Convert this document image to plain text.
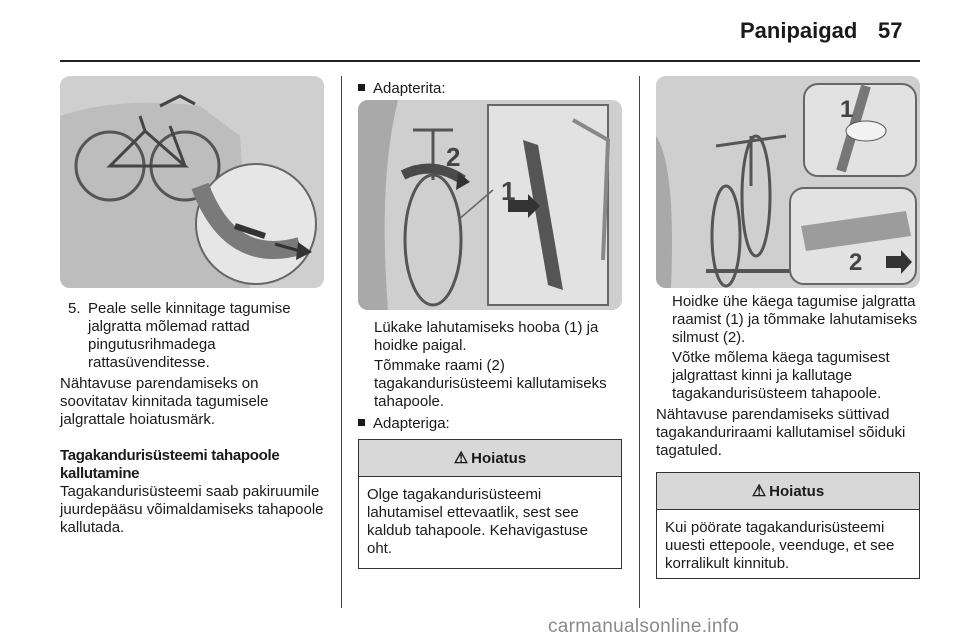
Panipaigad 57
5. Peale selle kinnitage tagumise jalgratta mõlemad rattad pingutusrihmadega rattasüvenditesse.
Nähtavuse parendamiseks on soovitatav kinnitada tagumisele jalgrattale hoiatusmärk.
Tagakandurisüsteemi tahapoole kallutamine
Tagakandurisüsteemi saab pakiruumile juurdepääsu võimaldamiseks tahapoole kallutada.
Adapterita:
2
1
Lükake lahutamiseks hooba (1) ja hoidke paigal.
Tõmmake raami (2) tagakandurisüsteemi kallutamiseks tahapoole.
Adapteriga:
⚠ Hoiatus
Olge tagakandurisüsteemi lahutamisel ettevaatlik, sest see kaldub tahapoole. Kehavigastuse oht.
1
2
Hoidke ühe käega tagumise jalgratta raamist (1) ja tõmmake lahutamiseks silmust (2).
Võtke mõlema käega tagumisest jalgrattast kinni ja kallutage tagakandurisüsteem tahapoole.
Nähtavuse parendamiseks süttivad tagakanduriraami kallutamisel sõiduki tagatuled.
⚠ Hoiatus
Kui pöörate tagakandurisüsteemi uuesti ettepoole, veenduge, et see korralikult kinnitub.
carmanualsonline.info
